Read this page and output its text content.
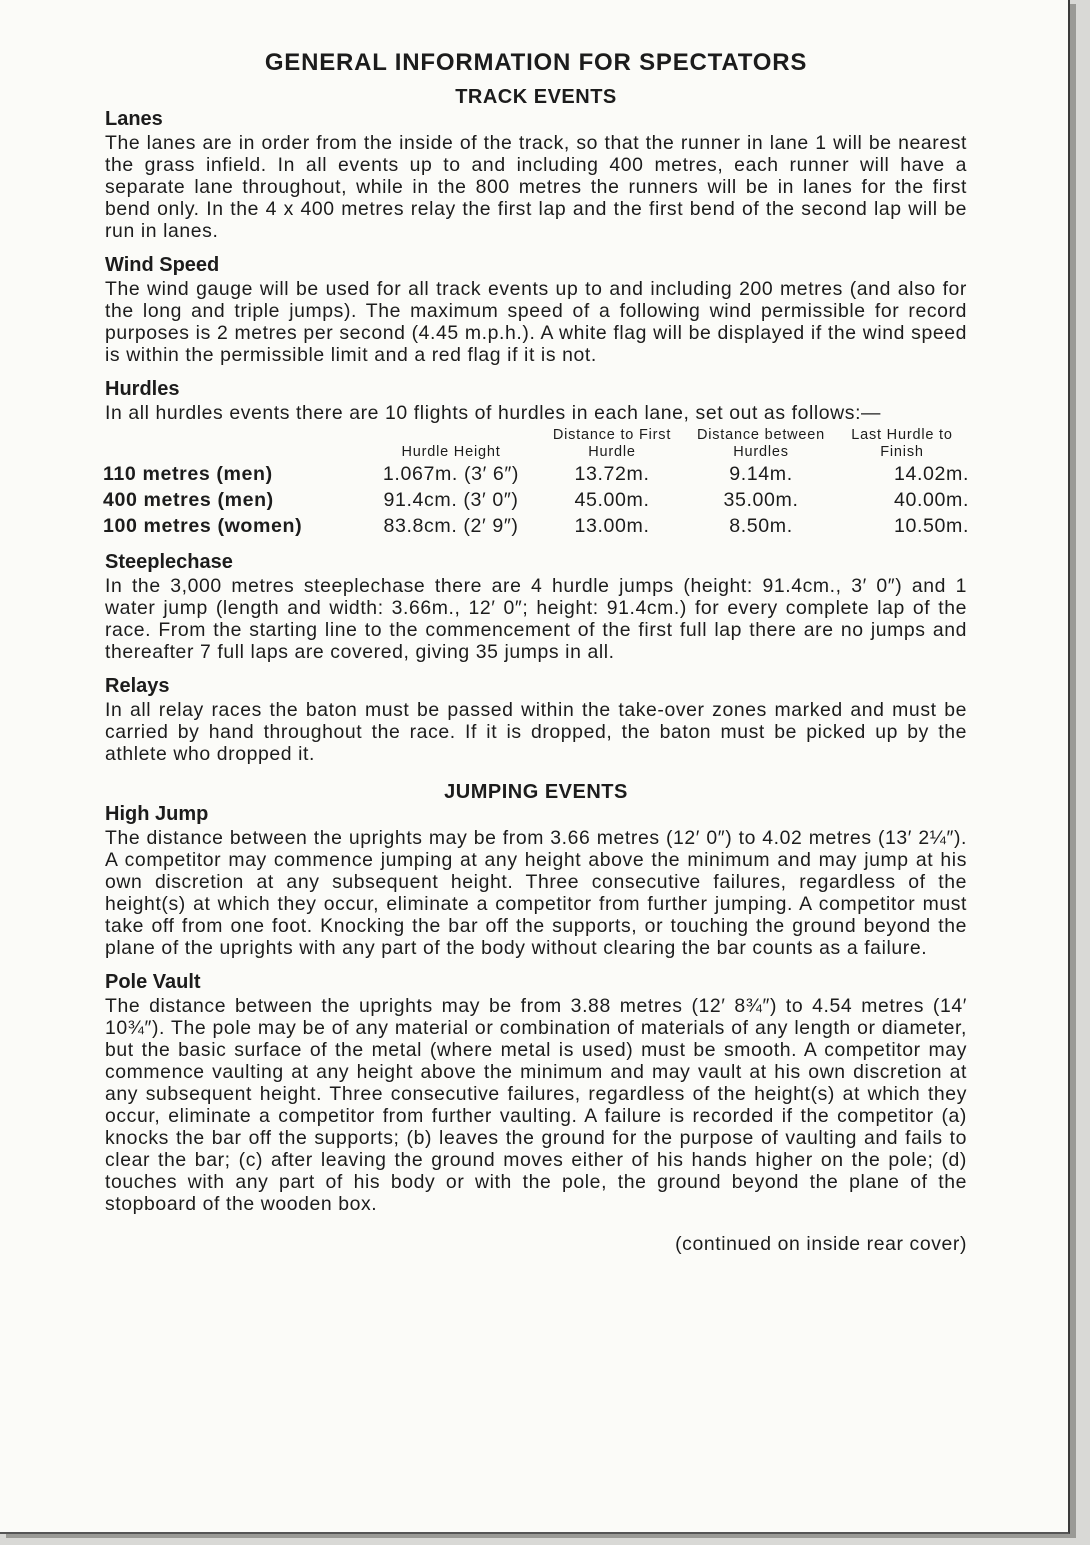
GENERAL INFORMATION FOR SPECTATORS
TRACK EVENTS
Lanes

The lanes are in order from the inside of the track, so that the runner in lane 1 will be nearest the grass infield. In all events up to and including 400 metres, each runner will have a separate lane throughout, while in the 800 metres the runners will be in lanes for the first bend only. In the 4 x 400 metres relay the first lap and the first bend of the second lap will be run in lanes.

Wind Speed

The wind gauge will be used for all track events up to and including 200 metres (and also for the long and triple jumps). The maximum speed of a following wind permissible for record purposes is 2 metres per second (4.45 m.p.h.). A white flag will be displayed if the wind speed is within the permissible limit and a red flag if it is not.

Hurdles

In all hurdles events there are 10 flights of hurdles in each lane, set out as follows:—

	Hurdle Height	Distance to First Hurdle	Distance between Hurdles	Last Hurdle to Finish
110 metres (men)	1.067m. (3′ 6″)	13.72m.	9.14m.	14.02m.
400 metres (men)	91.4cm. (3′ 0″)	45.00m.	35.00m.	40.00m.
100 metres (women)	83.8cm. (2′ 9″)	13.00m.	8.50m.	10.50m.
Steeplechase

In the 3,000 metres steeplechase there are 4 hurdle jumps (height: 91.4cm., 3′ 0″) and 1 water jump (length and width: 3.66m., 12′ 0″; height: 91.4cm.) for every complete lap of the race. From the starting line to the commencement of the first full lap there are no jumps and thereafter 7 full laps are covered, giving 35 jumps in all.

Relays

In all relay races the baton must be passed within the take-over zones marked and must be carried by hand throughout the race. If it is dropped, the baton must be picked up by the athlete who dropped it.

JUMPING EVENTS
High Jump

The distance between the uprights may be from 3.66 metres (12′ 0″) to 4.02 metres (13′ 2¼″). A competitor may commence jumping at any height above the minimum and may jump at his own discretion at any subsequent height. Three consecutive failures, regardless of the height(s) at which they occur, eliminate a competitor from further jumping. A competitor must take off from one foot. Knocking the bar off the supports, or touching the ground beyond the plane of the uprights with any part of the body without clearing the bar counts as a failure.

Pole Vault

The distance between the uprights may be from 3.88 metres (12′ 8¾″) to 4.54 metres (14′ 10¾″). The pole may be of any material or combination of materials of any length or diameter, but the basic surface of the metal (where metal is used) must be smooth. A competitor may commence vaulting at any height above the minimum and may vault at his own discretion at any subsequent height. Three consecutive failures, regardless of the height(s) at which they occur, eliminate a competitor from further vaulting. A failure is recorded if the competitor (a) knocks the bar off the supports; (b) leaves the ground for the purpose of vaulting and fails to clear the bar; (c) after leaving the ground moves either of his hands higher on the pole; (d) touches with any part of his body or with the pole, the ground beyond the plane of the stopboard of the wooden box.

(continued on inside rear cover)
